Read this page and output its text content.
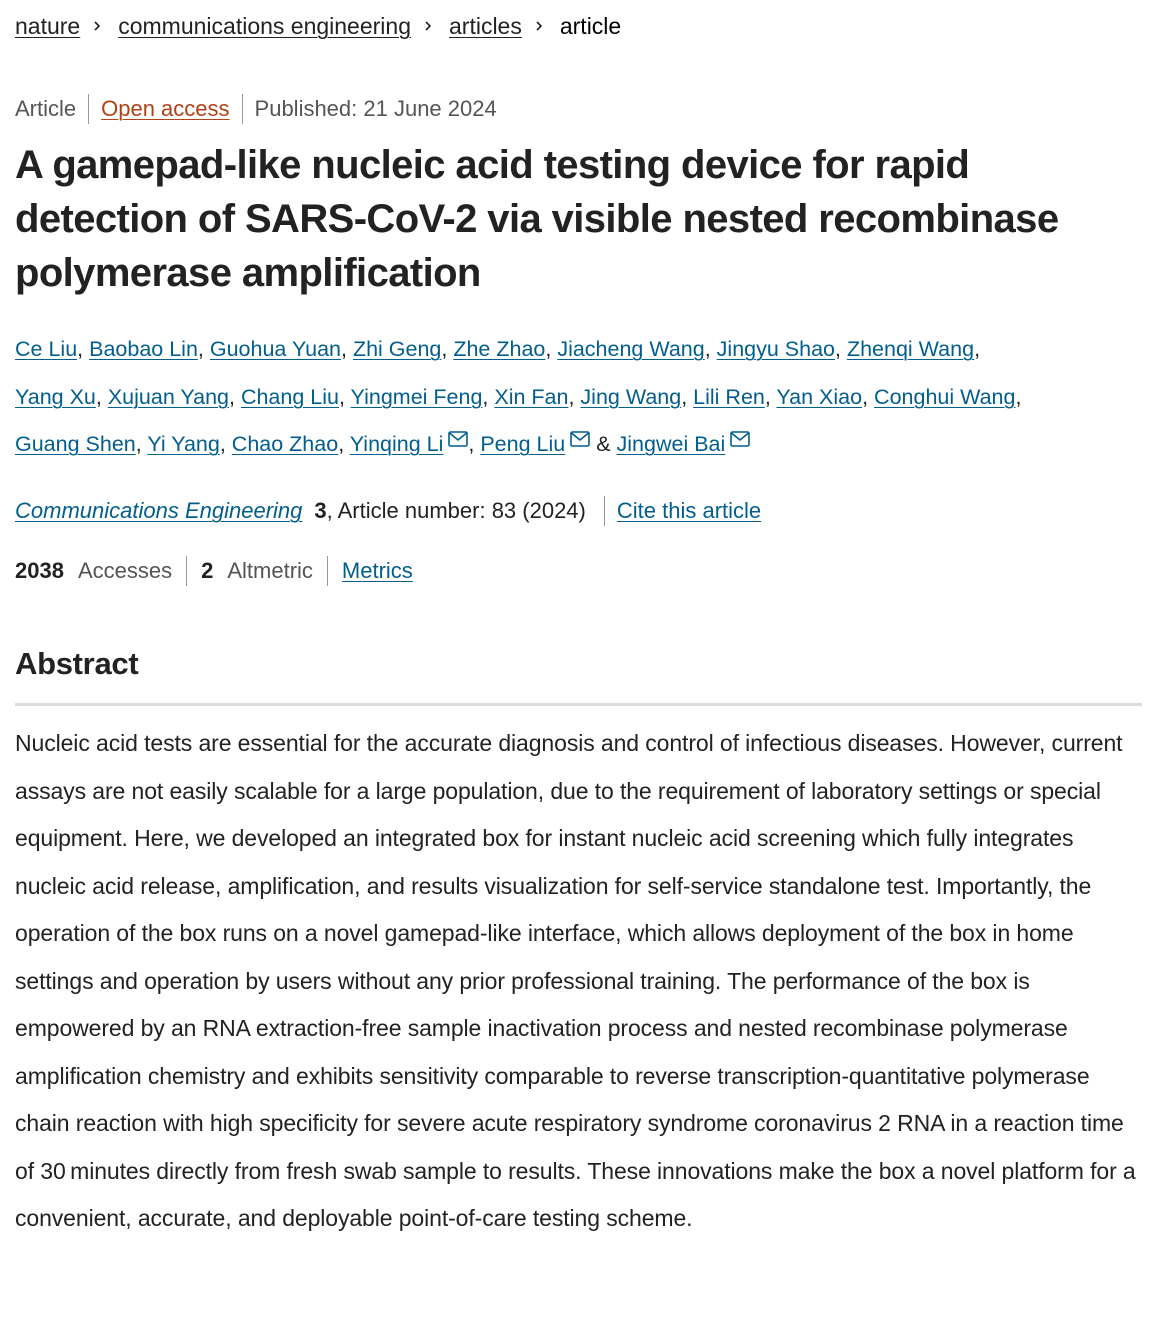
nature communications engineering articles article
Article Open access Published: 21 June 2024
A gamepad-like nucleic acid testing device for rapid detection of SARS-CoV-2 via visible nested recombinase polymerase amplification
Ce Liu, Baobao Lin, Guohua Yuan, Zhi Geng, Zhe Zhao, Jiacheng Wang, Jingyu Shao, Zhenqi Wang,
Yang Xu, Xujuan Yang, Chang Liu, Yingmei Feng, Xin Fan, Jing Wang, Lili Ren, Yan Xiao, Conghui Wang,
Guang Shen, Yi Yang, Chao Zhao, Yinqing Li , Peng Liu
& Jingwei Bai
Communications Engineering 3 , Article number: 83 (2024) Cite this article
2038 Accesses 2 Altmetric Metrics
Abstract

Nucleic acid tests are essential for the accurate diagnosis and control of infectious diseases. However, current assays are not easily scalable for a large population, due to the requirement of laboratory settings or special equipment. Here, we developed an integrated box for instant nucleic acid screening which fully integrates nucleic acid release, amplification, and results visualization for self-service standalone test. Importantly, the operation of the box runs on a novel gamepad-like interface, which allows deployment of the box in home settings and operation by users without any prior professional training. The performance of the box is empowered by an RNA extraction-free sample inactivation process and nested recombinase polymerase amplification chemistry and exhibits sensitivity comparable to reverse transcription-quantitative polymerase chain reaction with high specificity for severe acute respiratory syndrome coronavirus 2 RNA in a reaction time of 30 minutes directly from fresh swab sample to results. These innovations make the box a novel platform for a convenient, accurate, and deployable point-of-care testing scheme.
